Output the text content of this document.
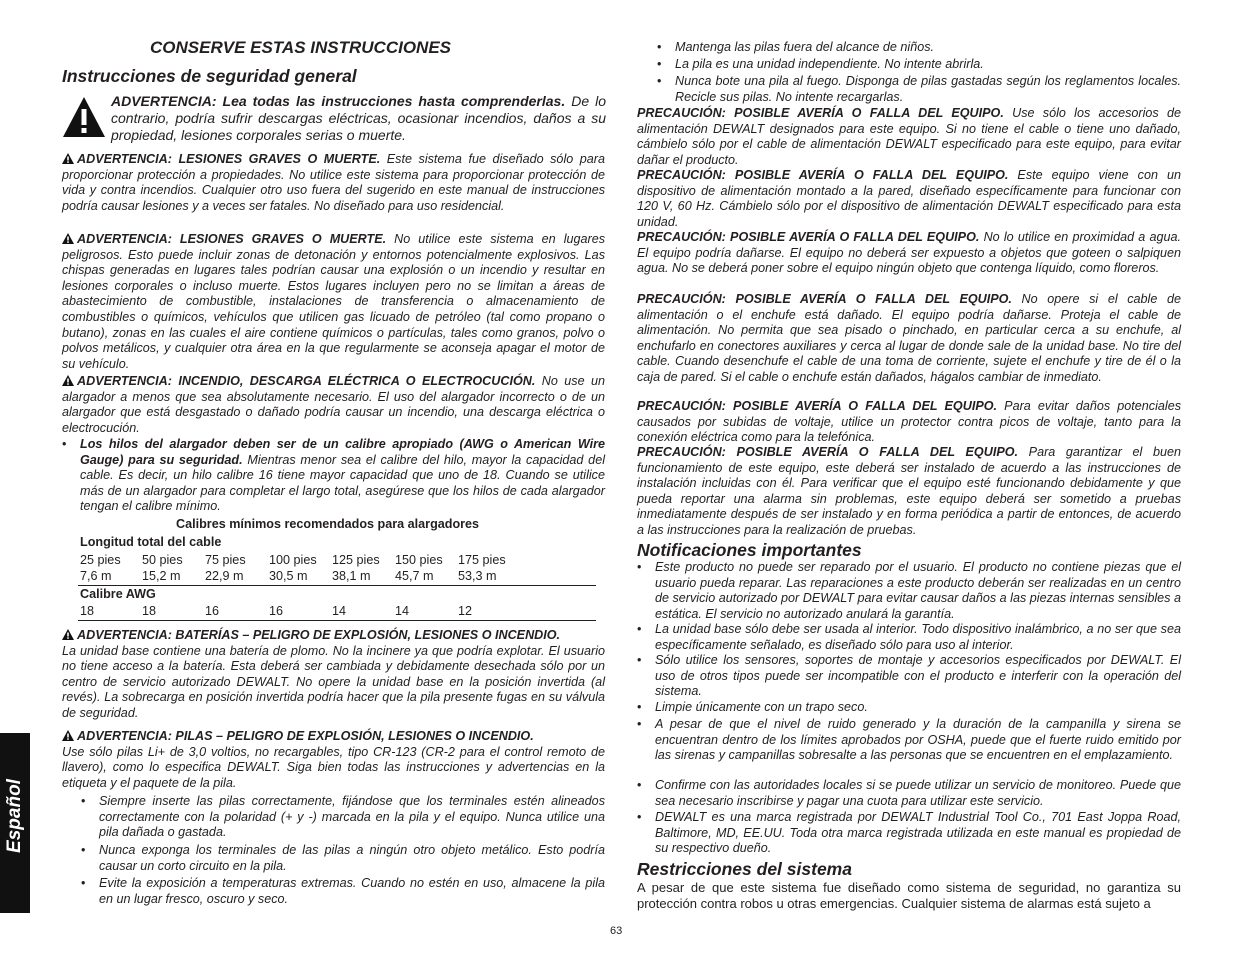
CONSERVE ESTAS INSTRUCCIONES
Instrucciones de seguridad general

ADVERTENCIA: Lea todas las instrucciones hasta comprenderlas. De lo contrario, podría sufrir descargas eléctricas, ocasionar incendios, daños a su propiedad, lesiones corporales serias o muerte.

ADVERTENCIA: LESIONES GRAVES O MUERTE. Este sistema fue diseñado sólo para proporcionar protección a propiedades. No utilice este sistema para proporcionar protección de vida y contra incendios. Cualquier otro uso fuera del sugerido en este manual de instrucciones podría causar lesiones y a veces ser fatales. No diseñado para uso residencial.

ADVERTENCIA: LESIONES GRAVES O MUERTE. No utilice este sistema en lugares peligrosos. Esto puede incluir zonas de detonación y entornos potencialmente explosivos. Las chispas generadas en lugares tales podrían causar una explosión o un incendio y resultar en lesiones corporales o incluso muerte. Estos lugares incluyen pero no se limitan a áreas de abastecimiento de combustible, instalaciones de transferencia o almacenamiento de combustibles o químicos, vehículos que utilicen gas licuado de petróleo (tal como propano o butano), zonas en las cuales el aire contiene químicos o partículas, tales como granos, polvo o polvos metálicos, y cualquier otra área en la que regularmente se aconseja apagar el motor de su vehículo.

ADVERTENCIA: INCENDIO, DESCARGA ELÉCTRICA O ELECTROCUCIÓN. No use un alargador a menos que sea absolutamente necesario. El uso del alargador incorrecto o de un alargador que está desgastado o dañado podría causar un incendio, una descarga eléctrica o electrocución.

• Los hilos del alargador deben ser de un calibre apropiado (AWG o American Wire Gauge) para su seguridad. Mientras menor sea el calibre del hilo, mayor la capacidad del cable. Es decir, un hilo calibre 16 tiene mayor capacidad que uno de 18. Cuando se utilice más de un alargador para completar el largo total, asegúrese que los hilos de cada alargador tengan el calibre mínimo.
Calibres mínimos recomendados para alargadores
Longitud total del cable
25 pies 50 pies 75 pies 100 pies 125 pies 150 pies 175 pies
7,6 m 15,2 m 22,9 m 30,5 m 38,1 m 45,7 m 53,3 m
Calibre AWG
18	18	16	16	14	14	12

ADVERTENCIA: BATERÍAS – PELIGRO DE EXPLOSIÓN, LESIONES O INCENDIO.
La unidad base contiene una batería de plomo. No la incinere ya que podría explotar. El usuario no tiene acceso a la batería. Esta deberá ser cambiada y debidamente desechada sólo por un centro de servicio autorizado DEWALT. No opere la unidad base en la posición invertida (al revés). La sobrecarga en posición invertida podría hacer que la pila presente fugas en su válvula de seguridad.

ADVERTENCIA: PILAS – PELIGRO DE EXPLOSIÓN, LESIONES O INCENDIO.
Use sólo pilas Li+ de 3,0 voltios, no recargables, tipo CR-123 (CR-2 para el control remoto de llavero), como lo especifica DEWALT. Siga bien todas las instrucciones y advertencias en la etiqueta y el paquete de la pila.

• Siempre inserte las pilas correctamente, fijándose que los terminales estén alineados correctamente con la polaridad (+ y -) marcada en la pila y el equipo. Nunca utilice una pila dañada o gastada.
• Nunca exponga los terminales de las pilas a ningún otro objeto metálico. Esto podría causar un corto circuito en la pila.
• Evite la exposición a temperaturas extremas. Cuando no estén en uso, almacene la pila en un lugar fresco, oscuro y seco.
Español
• Mantenga las pilas fuera del alcance de niños.
• La pila es una unidad independiente. No intente abrirla.
• Nunca bote una pila al fuego. Disponga de pilas gastadas según los reglamentos locales. Recicle sus pilas. No intente recargarlas.

PRECAUCIÓN: POSIBLE AVERÍA O FALLA DEL EQUIPO. Use sólo los accesorios de alimentación DEWALT designados para este equipo. Si no tiene el cable o tiene uno dañado, cámbielo sólo por el cable de alimentación DEWALT especificado para este equipo, para evitar dañar el producto.

PRECAUCIÓN: POSIBLE AVERÍA O FALLA DEL EQUIPO. Este equipo viene con un dispositivo de alimentación montado a la pared, diseñado específicamente para funcionar con 120 V, 60 Hz. Cámbielo sólo por el dispositivo de alimentación DEWALT especificado para esta unidad.

PRECAUCIÓN: POSIBLE AVERÍA O FALLA DEL EQUIPO. No lo utilice en proximidad a agua. El equipo podría dañarse. El equipo no deberá ser expuesto a objetos que goteen o salpiquen agua. No se deberá poner sobre el equipo ningún objeto que contenga líquido, como floreros.

PRECAUCIÓN: POSIBLE AVERÍA O FALLA DEL EQUIPO. No opere si el cable de alimentación o el enchufe está dañado. El equipo podría dañarse. Proteja el cable de alimentación. No permita que sea pisado o pinchado, en particular cerca a su enchufe, al enchufarlo en conectores auxiliares y cerca al lugar de donde sale de la unidad base. No tire del cable. Cuando desenchufe el cable de una toma de corriente, sujete el enchufe y tire de él o la caja de pared. Si el cable o enchufe están dañados, hágalos cambiar de inmediato.

PRECAUCIÓN: POSIBLE AVERÍA O FALLA DEL EQUIPO. Para evitar daños potenciales causados por subidas de voltaje, utilice un protector contra picos de voltaje, tanto para la conexión eléctrica como para la telefónica.

PRECAUCIÓN: POSIBLE AVERÍA O FALLA DEL EQUIPO. Para garantizar el buen funcionamiento de este equipo, este deberá ser instalado de acuerdo a las instrucciones de instalación incluidas con él. Para verificar que el equipo esté funcionando debidamente y que pueda reportar una alarma sin problemas, este equipo deberá ser sometido a pruebas inmediatamente después de ser instalado y en forma periódica a partir de entonces, de acuerdo a las instrucciones para la realización de pruebas.

Notificaciones importantes
• Este producto no puede ser reparado por el usuario. El producto no contiene piezas que el usuario pueda reparar. Las reparaciones a este producto deberán ser realizadas en un centro de servicio autorizado por DEWALT para evitar causar daños a las piezas internas sensibles a estática. El servicio no autorizado anulará la garantía.
• La unidad base sólo debe ser usada al interior. Todo dispositivo inalámbrico, a no ser que sea específicamente señalado, es diseñado sólo para uso al interior.
• Sólo utilice los sensores, soportes de montaje y accesorios especificados por DEWALT. El uso de otros tipos puede ser incompatible con el producto e interferir con la operación del sistema.
• Limpie únicamente con un trapo seco.
• A pesar de que el nivel de ruido generado y la duración de la campanilla y sirena se encuentran dentro de los límites aprobados por OSHA, puede que el fuerte ruido emitido por las sirenas y campanillas sobresalte a las personas que se encuentren en el emplazamiento.
• Confirme con las autoridades locales si se puede utilizar un servicio de monitoreo. Puede que sea necesario inscribirse y pagar una cuota para utilizar este servicio.
• DEWALT es una marca registrada por DEWALT Industrial Tool Co., 701 East Joppa Road, Baltimore, MD, EE.UU. Toda otra marca registrada utilizada en este manual es propiedad de su respectivo dueño.
Restricciones del sistema

A pesar de que este sistema fue diseñado como sistema de seguridad, no garantiza su protección contra robos u otras emergencias. Cualquier sistema de alarmas está sujeto a

63
